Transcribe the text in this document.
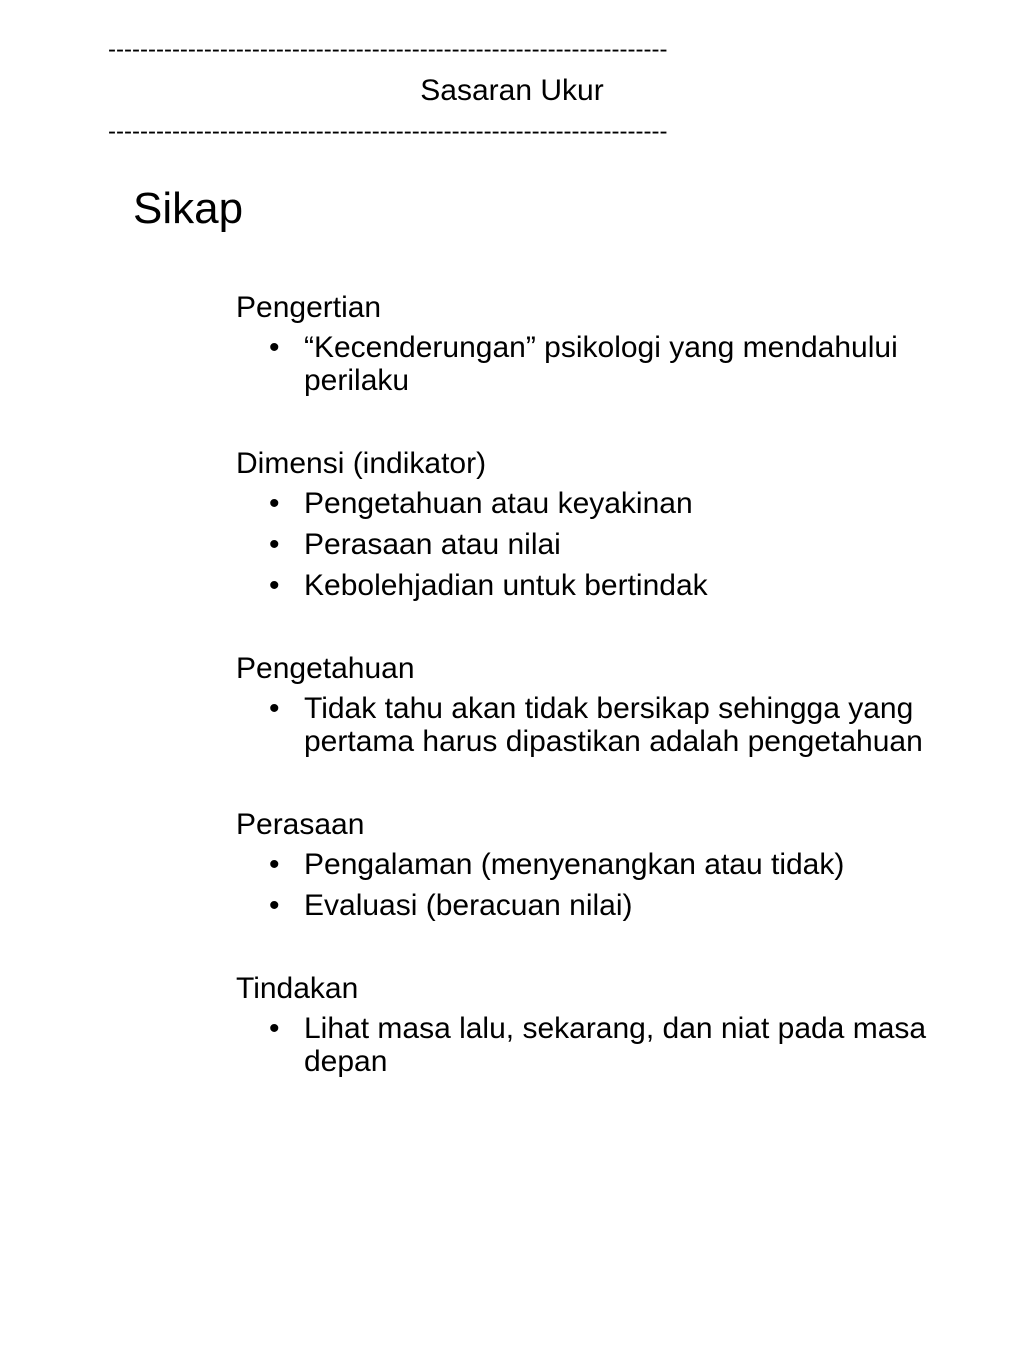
----------------------------------------------------------------------
Sasaran Ukur
----------------------------------------------------------------------
Sikap
Pengertian
• “Kecenderungan” psikologi yang mendahului perilaku
Dimensi (indikator)
• Pengetahuan atau keyakinan
• Perasaan atau nilai
• Kebolehjadian untuk bertindak
Pengetahuan
• Tidak tahu akan tidak bersikap sehingga yang pertama harus dipastikan adalah pengetahuan
Perasaan
• Pengalaman (menyenangkan atau tidak)
• Evaluasi (beracuan nilai)
Tindakan
• Lihat masa lalu, sekarang, dan niat pada masa depan
